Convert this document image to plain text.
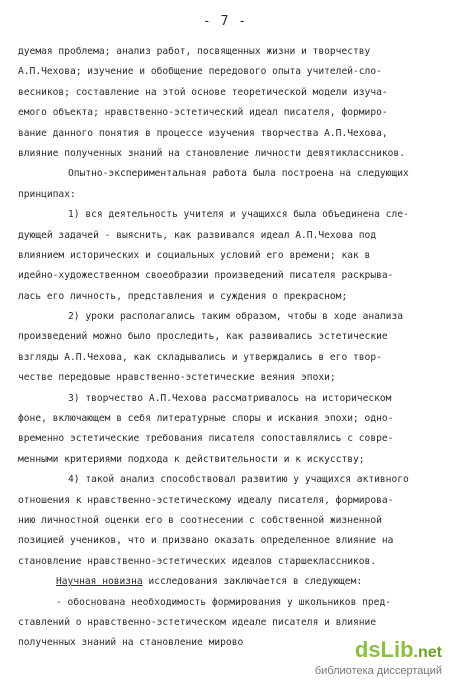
- 7 -
дуемая проблема; анализ работ, посвященных жизни и творчеству
А.П.Чехова; изучение и обобщение передового опыта учителей-сло-
весников; составление на этой основе теоретической модели изуча-
емого объекта; нравственно-эстетический идеал писателя, формиро-
вание данного понятия в процессе изучения творчества А.П.Чехова,
влияние полученных знаний на становление личности девятиклассников.
Опытно-экспериментальная работа была построена на следующих
принципах:
1) вся деятельность учителя и учащихся была объединена сле-
дующей задачей - выяснить, как развивался идеал А.П.Чехова под
влиянием исторических и социальных условий его времени; как в
идейно-художественном своеобразии произведений писателя раскрыва-
лась его личность, представления и суждения о прекрасном;
2) уроки располагались таким образом, чтобы в ходе анализа
произведений можно было проследить, как развивались эстетические
взгляды А.П.Чехова, как складывались и утверждались в его твор-
честве передовые нравственно-эстетические веяния эпохи;
3) творчество А.П.Чехова рассматривалось на историческом
фоне, включающем в себя литературные споры и искания эпохи; одно-
временно эстетические требования писателя сопоставлялись с совре-
менными критериями подхода к действительности и к искусству;
4) такой анализ способствовал развитию у учащихся активного
отношения к нравственно-эстетическому идеалу писателя, формирова-
нию личностной оценки его в соотнесении с собственной жизненной
позицией учеников, что и призвано оказать определенное влияние на
становление нравственно-эстетических идеалов старшеклассников.
Научная новизна исследования заключается в следующем:
- обоснована необходимость формирования у школьников пред-
ставлений о нравственно-эстетическом идеале писателя и влияние
полученных знаний на становление мирово	dsLib.net
библиотека диссертаций
